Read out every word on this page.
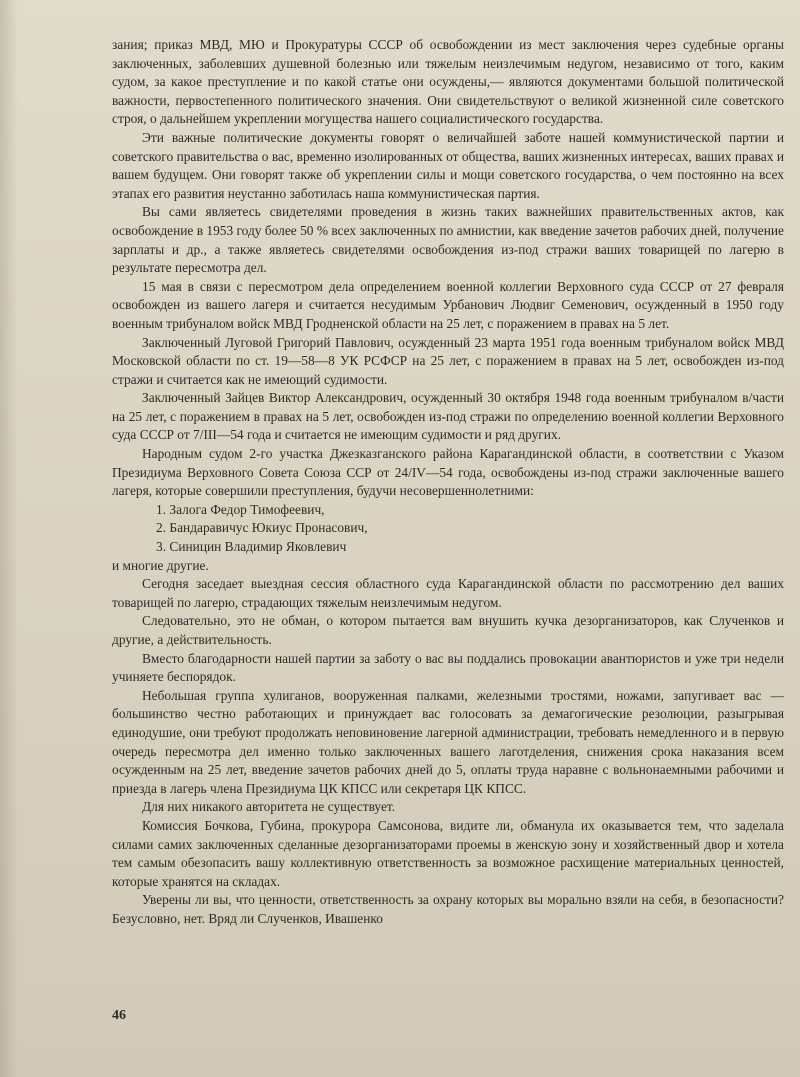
зания; приказ МВД, МЮ и Прокуратуры СССР об освобождении из мест заключения через судебные органы заключенных, заболевших душевной болезнью или тяжелым неизлечимым недугом, независимо от того, каким судом, за какое преступление и по какой статье они осуждены,— являются документами большой политической важности, первостепенного политического значения. Они свидетельствуют о великой жизненной силе советского строя, о дальнейшем укреплении могущества нашего социалистического государства.

Эти важные политические документы говорят о величайшей заботе нашей коммунистической партии и советского правительства о вас, временно изолированных от общества, ваших жизненных интересах, ваших правах и вашем будущем. Они говорят также об укреплении силы и мощи советского государства, о чем постоянно на всех этапах его развития неустанно заботилась наша коммунистическая партия.

Вы сами являетесь свидетелями проведения в жизнь таких важнейших правительственных актов, как освобождение в 1953 году более 50 % всех заключенных по амнистии, как введение зачетов рабочих дней, получение зарплаты и др., а также являетесь свидетелями освобождения из-под стражи ваших товарищей по лагерю в результате пересмотра дел.

15 мая в связи с пересмотром дела определением военной коллегии Верховного суда СССР от 27 февраля освобожден из вашего лагеря и считается несудимым Урбанович Людвиг Семенович, осужденный в 1950 году военным трибуналом войск МВД Гродненской области на 25 лет, с поражением в правах на 5 лет.

Заключенный Луговой Григорий Павлович, осужденный 23 марта 1951 года военным трибуналом войск МВД Московской области по ст. 19—58—8 УК РСФСР на 25 лет, с поражением в правах на 5 лет, освобожден из-под стражи и считается как не имеющий судимости.

Заключенный Зайцев Виктор Александрович, осужденный 30 октября 1948 года военным трибуналом в/части на 25 лет, с поражением в правах на 5 лет, освобожден из-под стражи по определению военной коллегии Верховного суда СССР от 7/III—54 года и считается не имеющим судимости и ряд других.

Народным судом 2-го участка Джезказганского района Карагандинской области, в соответствии с Указом Президиума Верховного Совета Союза ССР от 24/IV—54 года, освобождены из-под стражи заключенные вашего лагеря, которые совершили преступления, будучи несовершеннолетними:

1. Залога Федор Тимофеевич,
2. Бандаравичус Юкиус Пронасович,
3. Синицин Владимир Яковлевич

и многие другие.

Сегодня заседает выездная сессия областного суда Карагандинской области по рассмотрению дел ваших товарищей по лагерю, страдающих тяжелым неизлечимым недугом.

Следовательно, это не обман, о котором пытается вам внушить кучка дезорганизаторов, как Слученков и другие, а действительность.

Вместо благодарности нашей партии за заботу о вас вы поддались провокации авантюристов и уже три недели учиняете беспорядок.

Небольшая группа хулиганов, вооруженная палками, железными тростями, ножами, запугивает вас — большинство честно работающих и принуждает вас голосовать за демагогические резолюции, разыгрывая единодушие, они требуют продолжать неповиновение лагерной администрации, требовать немедленного и в первую очередь пересмотра дел именно только заключенных вашего лаготделения, снижения срока наказания всем осужденным на 25 лет, введение зачетов рабочих дней до 5, оплаты труда наравне с вольнонаемными рабочими и приезда в лагерь члена Президиума ЦК КПСС или секретаря ЦК КПСС.

Для них никакого авторитета не существует.

Комиссия Бочкова, Губина, прокурора Самсонова, видите ли, обманула их оказывается тем, что заделала силами самих заключенных сделанные дезорганизаторами проемы в женскую зону и хозяйственный двор и хотела тем самым обезопасить вашу коллективную ответственность за возможное расхищение материальных ценностей, которые хранятся на складах.

Уверены ли вы, что ценности, ответственность за охрану которых вы морально взяли на себя, в безопасности? Безусловно, нет. Вряд ли Слученков, Ивашенко

46
